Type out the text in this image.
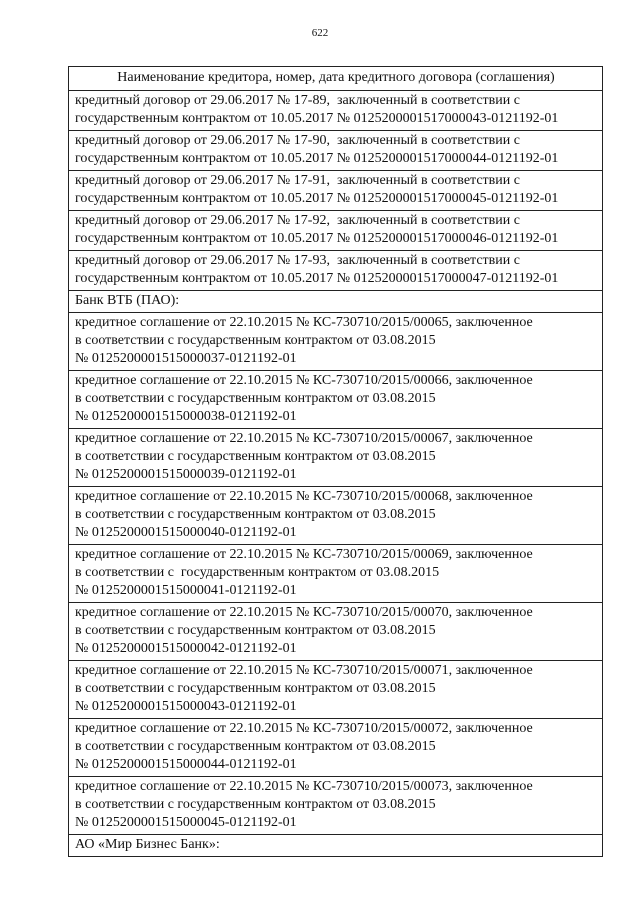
622
Наименование кредитора, номер, дата кредитного договора (соглашения)

кредитный договор от 29.06.2017 № 17-89,  заключенный в соответствии с
государственным контрактом от 10.05.2017 № 0125200001517000043-0121192-01

кредитный договор от 29.06.2017 № 17-90,  заключенный в соответствии с
государственным контрактом от 10.05.2017 № 0125200001517000044-0121192-01

кредитный договор от 29.06.2017 № 17-91,  заключенный в соответствии с
государственным контрактом от 10.05.2017 № 0125200001517000045-0121192-01

кредитный договор от 29.06.2017 № 17-92,  заключенный в соответствии с
государственным контрактом от 10.05.2017 № 0125200001517000046-0121192-01

кредитный договор от 29.06.2017 № 17-93,  заключенный в соответствии с
государственным контрактом от 10.05.2017 № 0125200001517000047-0121192-01

Банк ВТБ (ПАО):

кредитное соглашение от 22.10.2015 № КС-730710/2015/00065, заключенное
в соответствии с государственным контрактом от 03.08.2015
№ 0125200001515000037-0121192-01

кредитное соглашение от 22.10.2015 № КС-730710/2015/00066, заключенное
в соответствии с государственным контрактом от 03.08.2015
№ 0125200001515000038-0121192-01

кредитное соглашение от 22.10.2015 № КС-730710/2015/00067, заключенное
в соответствии с государственным контрактом от 03.08.2015
№ 0125200001515000039-0121192-01

кредитное соглашение от 22.10.2015 № КС-730710/2015/00068, заключенное
в соответствии с государственным контрактом от 03.08.2015
№ 0125200001515000040-0121192-01

кредитное соглашение от 22.10.2015 № КС-730710/2015/00069, заключенное
в соответствии с  государственным контрактом от 03.08.2015
№ 0125200001515000041-0121192-01

кредитное соглашение от 22.10.2015 № КС-730710/2015/00070, заключенное
в соответствии с государственным контрактом от 03.08.2015
№ 0125200001515000042-0121192-01

кредитное соглашение от 22.10.2015 № КС-730710/2015/00071, заключенное
в соответствии с государственным контрактом от 03.08.2015
№ 0125200001515000043-0121192-01

кредитное соглашение от 22.10.2015 № КС-730710/2015/00072, заключенное
в соответствии с государственным контрактом от 03.08.2015
№ 0125200001515000044-0121192-01

кредитное соглашение от 22.10.2015 № КС-730710/2015/00073, заключенное
в соответствии с государственным контрактом от 03.08.2015
№ 0125200001515000045-0121192-01

АО «Мир Бизнес Банк»:
